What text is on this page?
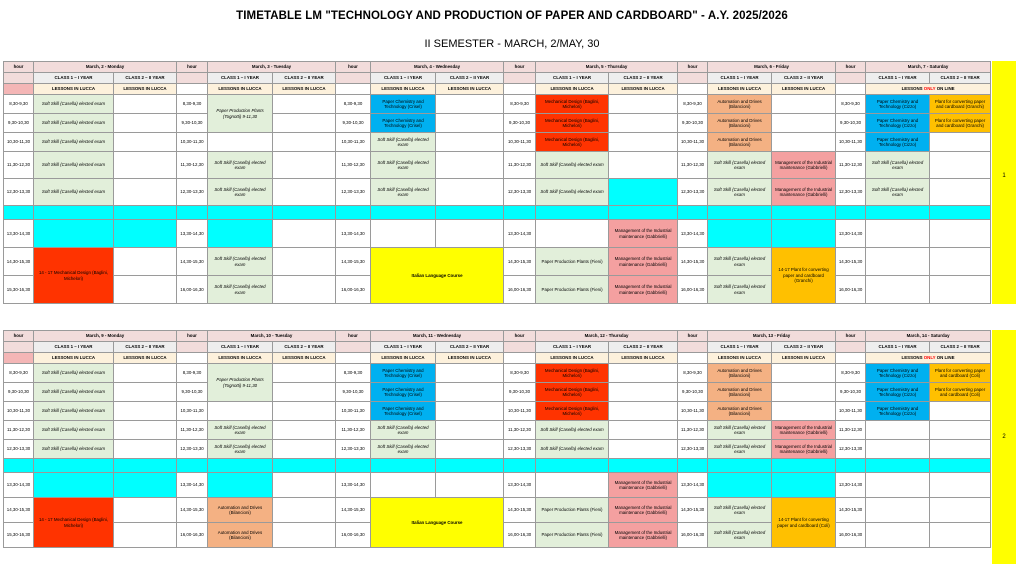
TIMETABLE LM "TECHNOLOGY AND PRODUCTION OF PAPER AND CARDBOARD" - A.Y. 2025/2026
II SEMESTER - MARCH, 2/MAY, 30
hour	March, 2 - Monday		hour	March, 3 - Tuesday		hour	March, 4 - Wednesday		hour	March, 5 - Thursday		hour	March, 6 - Friday		hour	March, 7 - Saturday	
	CLASS 1 – I YEAR	CLASS 2 – II YEAR		CLASS 1 – I YEAR	CLASS 2 – II YEAR		CLASS 1 – I YEAR	CLASS 2 – II YEAR		CLASS 1 – I YEAR	CLASS 2 – II YEAR		CLASS 1 – I YEAR	CLASS 2 – II YEAR		CLASS 1 – I YEAR	CLASS 2 – II YEAR
	LESSONS IN LUCCA	LESSONS IN LUCCA		LESSONS IN LUCCA	LESSONS IN LUCCA		LESSONS IN LUCCA	LESSONS IN LUCCA		LESSONS IN LUCCA	LESSONS IN LUCCA		LESSONS IN LUCCA	LESSONS IN LUCCA		LESSONS ONLY ON LINE	
8,30-9,30	Soft Skill (Casella) elected exam		8,30-9,30	Paper Production Plants (Tognotti) 9-11,30		8,30-9,30	Paper Chemistry and Technology (Crisel)		8,30-9,30	Mechanical Design (Baglini, Michelori)		8,30-9,30	Automation and Drives (Bilancioni)		8,30-9,30	Paper Chemistry and Technology (Cizzo)	Plant for converting paper and cardboard (Granchi)
9,30-10,30	Soft Skill (Casella) elected exam		9,30-10,30			9,30-10,30	Paper Chemistry and Technology (Crisel)		9,30-10,30	Mechanical Design (Baglini, Michelori)		9,30-10,30	Automation and Drives (Bilancioni)		9,30-10,30	Paper Chemistry and Technology (Cizzo)	Plant for converting paper and cardboard (Granchi)
10,30-11,30	Soft Skill (Casella) elected exam		10,30-11,30			10,30-11,30	Soft Skill (Casella) elected exam		10,30-11,30	Mechanical Design (Baglini, Michelori)		10,30-11,30	Automation and Drives (Bilancioni)		10,30-11,30	Paper Chemistry and Technology (Cizzo)	
11,30-12,30	Soft Skill (Casella) elected exam		11,30-12,30	Soft Skill (Casella) elected exam		11,30-12,30	Soft Skill (Casella) elected exam		11,30-12,30	Soft Skill (Casella) elected exam		11,30-12,30	Soft Skill (Casella) elected exam	Management of the Industrial maintenance (Gabbrielli)	11,30-12,30	Soft Skill (Casella) elected exam	
12,30-13,30	Soft Skill (Casella) elected exam		12,30-13,30	Soft Skill (Casella) elected exam		12,30-13,30	Soft Skill (Casella) elected exam		12,30-13,30	Soft Skill (Casella) elected exam		12,30-13,30	Soft Skill (Casella) elected exam	Management of the Industrial maintenance (Gabbrielli)	12,30-13,30	Soft Skill (Casella) elected exam	

13,30-14,30			13,30-14,30			13,30-14,30			13,30-14,30		Management of the Industrial maintenance (Gabbrielli)	13,30-14,30			13,30-14,30		
14,30-15,30	14 - 17 Mechanical Design (Baglini, Michelori)		14,30-15,30	Soft Skill (Casella) elected exam		14,30-15,30	Italian Language Course		14,30-15,30	Paper Production Plants (Fieni)	Management of the Industrial maintenance (Gabbrielli)	14,30-15,30	Soft Skill (Casella) elected exam	14-17 Plant for converting paper and cardboard (Granchi)	14,30-15,30		
15,30-16,30			16,00-16,30	Soft Skill (Casella) elected exam		16,00-16,30			16,00-16,30	Paper Production Plants (Fieni)	Management of the Industrial maintenance (Gabbrielli)	16,00-16,30	Soft Skill (Casella) elected exam		16,00-16,30		
1
hour	March, 9 - Monday		hour	March, 10 - Tuesday		hour	March, 11 - Wednesday		hour	March, 12 - Thursday		hour	March, 13 - Friday		hour	March, 14 - Saturday	
	CLASS 1 – I YEAR	CLASS 2 – II YEAR		CLASS 1 – I YEAR	CLASS 2 – II YEAR		CLASS 1 – I YEAR	CLASS 2 – II YEAR		CLASS 1 – I YEAR	CLASS 2 – II YEAR		CLASS 1 – I YEAR	CLASS 2 – II YEAR		CLASS 1 – I YEAR	CLASS 2 – II YEAR
	LESSONS IN LUCCA	LESSONS IN LUCCA		LESSONS IN LUCCA	LESSONS IN LUCCA		LESSONS IN LUCCA	LESSONS IN LUCCA		LESSONS IN LUCCA	LESSONS IN LUCCA		LESSONS IN LUCCA	LESSONS IN LUCCA		LESSONS ONLY ON LINE	
8,30-9,30	Soft Skill (Casella) elected exam		8,30-9,30	Paper Production Plants (Tognotti) 9-11,30		8,30-9,30	Paper Chemistry and Technology (Crisel)		8,30-9,30	Mechanical Design (Baglini, Michelori)		8,30-9,30	Automation and Drives (Bilancioni)		8,30-9,30	Paper Chemistry and Technology (Cizzo)	Plant for converting paper and cardboard (Coli)
9,30-10,30	Soft Skill (Casella) elected exam		9,30-10,30			9,30-10,30	Paper Chemistry and Technology (Crisel)		9,30-10,30	Mechanical Design (Baglini, Michelori)		9,30-10,30	Automation and Drives (Bilancioni)		9,30-10,30	Paper Chemistry and Technology (Cizzo)	Plant for converting paper and cardboard (Coli)
10,30-11,30	Soft Skill (Casella) elected exam		10,30-11,30			10,30-11,30	Paper Chemistry and Technology (Crisel)		10,30-11,30	Mechanical Design (Baglini, Michelori)		10,30-11,30	Automation and Drives (Bilancioni)		10,30-11,30	Paper Chemistry and Technology (Cizzo)	
11,30-12,30	Soft Skill (Casella) elected exam		11,30-12,30	Soft Skill (Casella) elected exam		11,30-12,30	Soft Skill (Casella) elected exam		11,30-12,30	Soft Skill (Casella) elected exam		11,30-12,30	Soft Skill (Casella) elected exam	Management of the Industrial maintenance (Gabbrielli)	11,30-12,30		
12,30-13,30	Soft Skill (Casella) elected exam		12,30-13,30	Soft Skill (Casella) elected exam		12,30-13,30	Soft Skill (Casella) elected exam		12,30-13,30	Soft Skill (Casella) elected exam		12,30-13,30	Soft Skill (Casella) elected exam	Management of the Industrial maintenance (Gabbrielli)	12,30-13,30		

13,30-14,30			13,30-14,30			13,30-14,30			13,30-14,30		Management of the Industrial maintenance (Gabbrielli)	13,30-14,30			13,30-14,30		
14,30-15,30	14 - 17 Mechanical Design (Baglini, Michelori)		14,30-15,30	Automation and Drives (Bilancioni)		14,30-15,30	Italian Language Course		14,30-15,30	Paper Production Plants (Fieni)	Management of the Industrial maintenance (Gabbrielli)	14,30-15,30	Soft Skill (Casella) elected exam	14-17 Plant for converting paper and cardboard (Coli)	14,30-15,30		
15,30-16,30			16,00-16,30	Automation and Drives (Bilancioni)		16,00-16,30			16,00-16,30	Paper Production Plants (Fieni)	Management of the Industrial maintenance (Gabbrielli)	16,00-16,30	Soft Skill (Casella) elected exam		16,00-16,30		
2
